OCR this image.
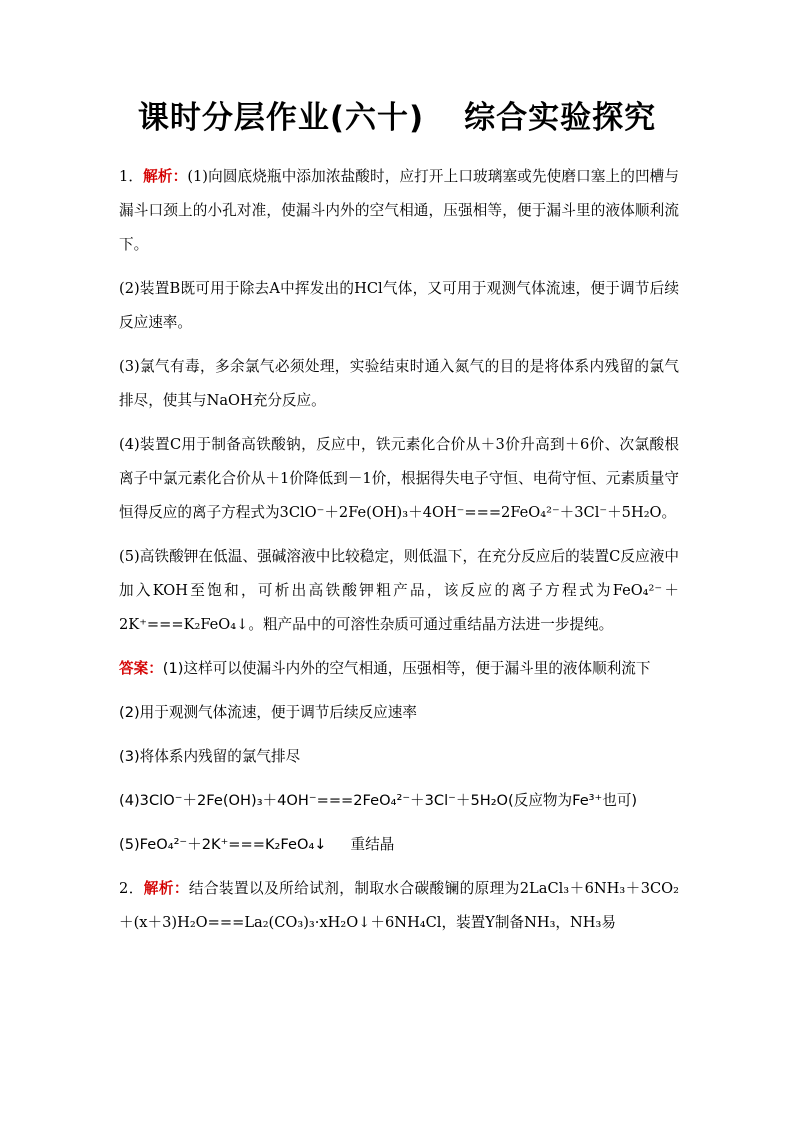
课时分层作业(六十) 综合实验探究

1．解析：(1)向圆底烧瓶中添加浓盐酸时，应打开上口玻璃塞或先使磨口塞上的凹槽与漏斗口颈上的小孔对准，使漏斗内外的空气相通，压强相等，便于漏斗里的液体顺利流下。

(2)装置B既可用于除去A中挥发出的HCl气体，又可用于观测气体流速，便于调节后续反应速率。

(3)氯气有毒，多余氯气必须处理，实验结束时通入氮气的目的是将体系内残留的氯气排尽，使其与NaOH充分反应。

(4)装置C用于制备高铁酸钠，反应中，铁元素化合价从＋3价升高到＋6价、次氯酸根离子中氯元素化合价从＋1价降低到－1价，根据得失电子守恒、电荷守恒、元素质量守恒得反应的离子方程式为3ClO⁻＋2Fe(OH)₃＋4OH⁻===2FeO₄²⁻＋3Cl⁻＋5H₂O。

(5)高铁酸钾在低温、强碱溶液中比较稳定，则低温下，在充分反应后的装置C反应液中加入KOH至饱和，可析出高铁酸钾粗产品，该反应的离子方程式为FeO₄²⁻＋2K⁺===K₂FeO₄↓。粗产品中的可溶性杂质可通过重结晶方法进一步提纯。

答案：(1)这样可以使漏斗内外的空气相通，压强相等，便于漏斗里的液体顺利流下

(2)用于观测气体流速，便于调节后续反应速率

(3)将体系内残留的氯气排尽

(4)3ClO⁻＋2Fe(OH)₃＋4OH⁻===2FeO₄²⁻＋3Cl⁻＋5H₂O(反应物为Fe³⁺也可)

(5)FeO₄²⁻＋2K⁺===K₂FeO₄↓ 重结晶

2．解析：结合装置以及所给试剂，制取水合碳酸镧的原理为2LaCl₃＋6NH₃＋3CO₂＋(x＋3)H₂O===La₂(CO₃)₃·xH₂O↓＋6NH₄Cl，装置Y制备NH₃，NH₃易
